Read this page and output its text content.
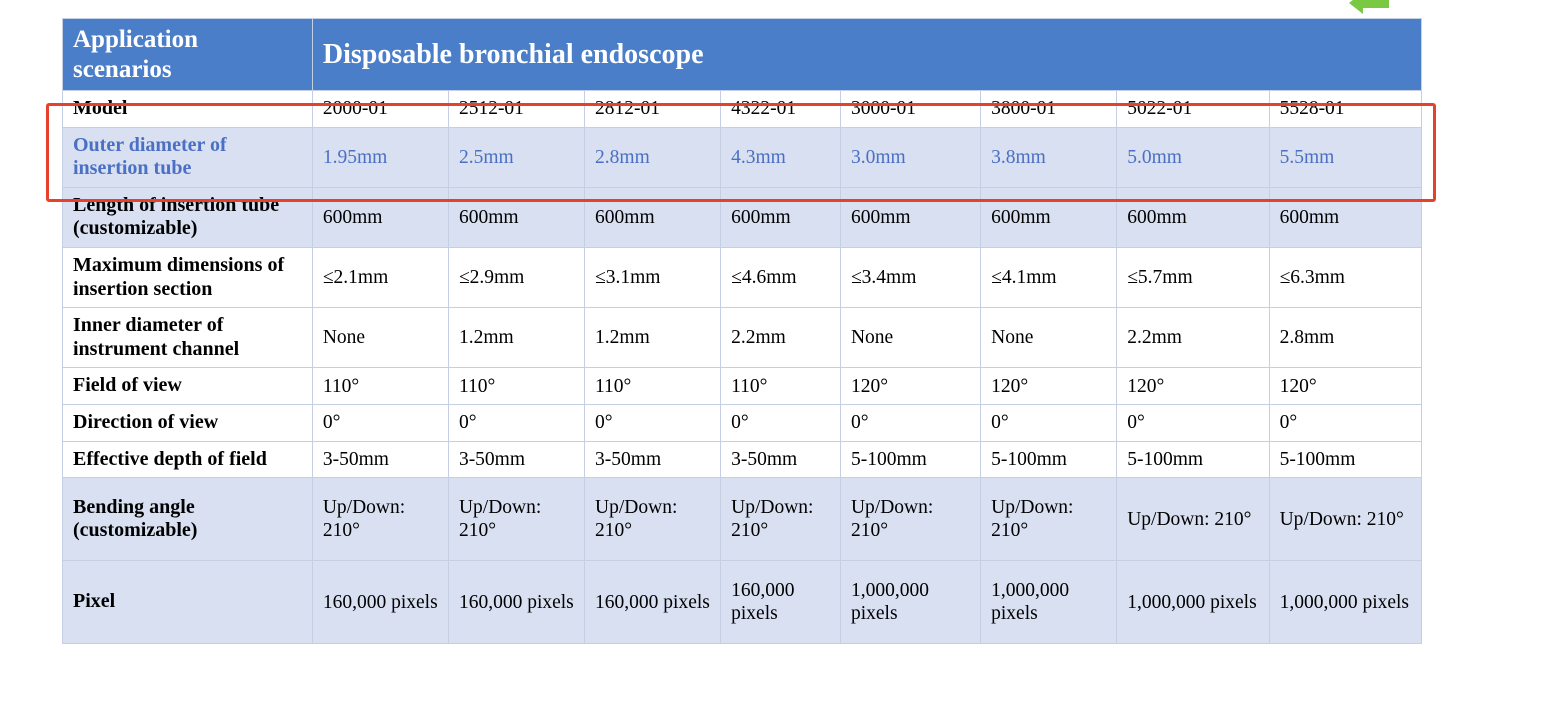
Application scenarios	Disposable bronchial endoscope							
Model	2000-01	2512-01	2812-01	4322-01	3000-01	3800-01	5022-01	5528-01
Outer diameter of insertion tube	1.95mm	2.5mm	2.8mm	4.3mm	3.0mm	3.8mm	5.0mm	5.5mm
Length of insertion tube (customizable)	600mm	600mm	600mm	600mm	600mm	600mm	600mm	600mm
Maximum dimensions of insertion section	≤2.1mm	≤2.9mm	≤3.1mm	≤4.6mm	≤3.4mm	≤4.1mm	≤5.7mm	≤6.3mm
Inner diameter of instrument channel	None	1.2mm	1.2mm	2.2mm	None	None	2.2mm	2.8mm
Field of view	110°	110°	110°	110°	120°	120°	120°	120°
Direction of view	0°	0°	0°	0°	0°	0°	0°	0°
Effective depth of field	3-50mm	3-50mm	3-50mm	3-50mm	5-100mm	5-100mm	5-100mm	5-100mm
Bending angle (customizable)	Up/Down: 210°	Up/Down: 210°	Up/Down: 210°	Up/Down: 210°	Up/Down: 210°	Up/Down: 210°	Up/Down: 210°	Up/Down: 210°
Pixel	160,000 pixels	160,000 pixels	160,000 pixels	160,000 pixels	1,000,000 pixels	1,000,000 pixels	1,000,000 pixels	1,000,000 pixels
